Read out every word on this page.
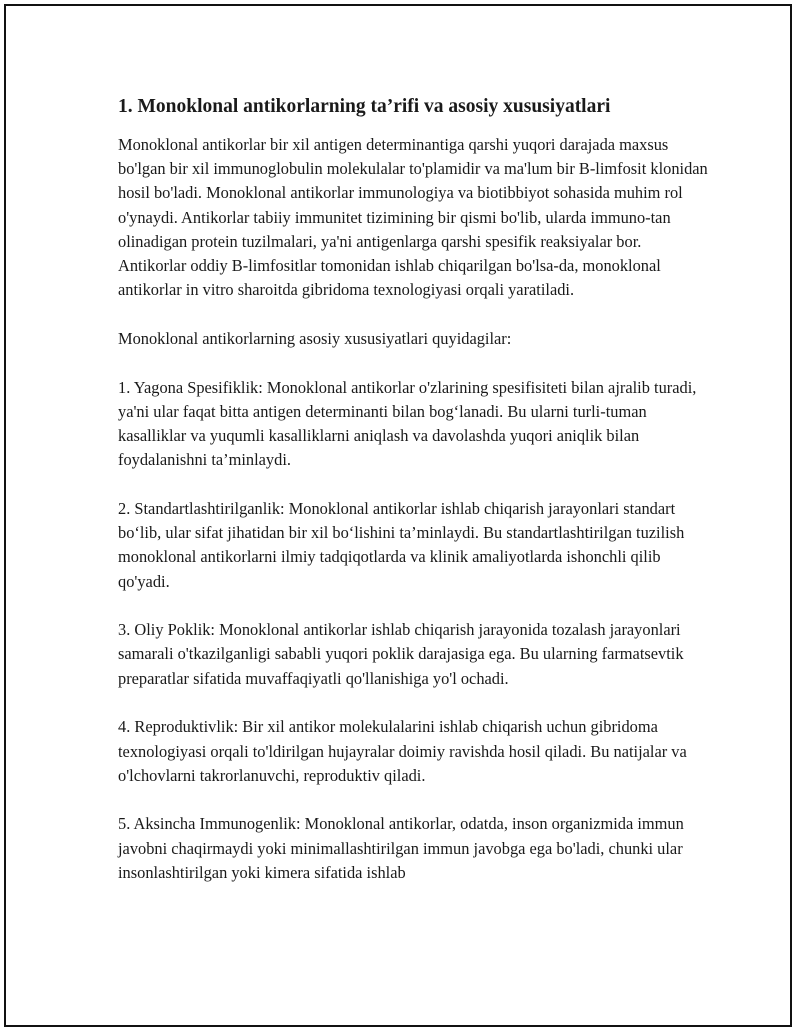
1. Monoklonal antikorlarning ta’rifi va asosiy xususiyatlari

Monoklonal antikorlar bir xil antigen determinantiga qarshi yuqori darajada maxsus bo'lgan bir xil immunoglobulin molekulalar to'plamidir va ma'lum bir B-limfosit klonidan hosil bo'ladi. Monoklonal antikorlar immunologiya va biotibbiyot sohasida muhim rol o'ynaydi. Antikorlar tabiiy immunitet tizimining bir qismi bo'lib, ularda immuno-tan olinadigan protein tuzilmalari, ya'ni antigenlarga qarshi spesifik reaksiyalar bor. Antikorlar oddiy B-limfositlar tomonidan ishlab chiqarilgan bo'lsa-da, monoklonal antikorlar in vitro sharoitda gibridoma texnologiyasi orqali yaratiladi.

Monoklonal antikorlarning asosiy xususiyatlari quyidagilar:

1. Yagona Spesifiklik: Monoklonal antikorlar o'zlarining spesifisiteti bilan ajralib turadi, ya'ni ular faqat bitta antigen determinanti bilan bog‘lanadi. Bu ularni turli-tuman kasalliklar va yuqumli kasalliklarni aniqlash va davolashda yuqori aniqlik bilan foydalanishni ta’minlaydi.

2. Standartlashtirilganlik: Monoklonal antikorlar ishlab chiqarish jarayonlari standart bo‘lib, ular sifat jihatidan bir xil bo‘lishini ta’minlaydi. Bu standartlashtirilgan tuzilish monoklonal antikorlarni ilmiy tadqiqotlarda va klinik amaliyotlarda ishonchli qilib qo'yadi.

3. Oliy Poklik: Monoklonal antikorlar ishlab chiqarish jarayonida tozalash jarayonlari samarali o'tkazilganligi sababli yuqori poklik darajasiga ega. Bu ularning farmatsevtik preparatlar sifatida muvaffaqiyatli qo'llanishiga yo'l ochadi.

4. Reproduktivlik: Bir xil antikor molekulalarini ishlab chiqarish uchun gibridoma texnologiyasi orqali to'ldirilgan hujayralar doimiy ravishda hosil qiladi. Bu natijalar va o'lchovlarni takrorlanuvchi, reproduktiv qiladi.

5. Aksincha Immunogenlik: Monoklonal antikorlar, odatda, inson organizmida immun javobni chaqirmaydi yoki minimallashtirilgan immun javobga ega bo'ladi, chunki ular insonlashtirilgan yoki kimera sifatida ishlab
